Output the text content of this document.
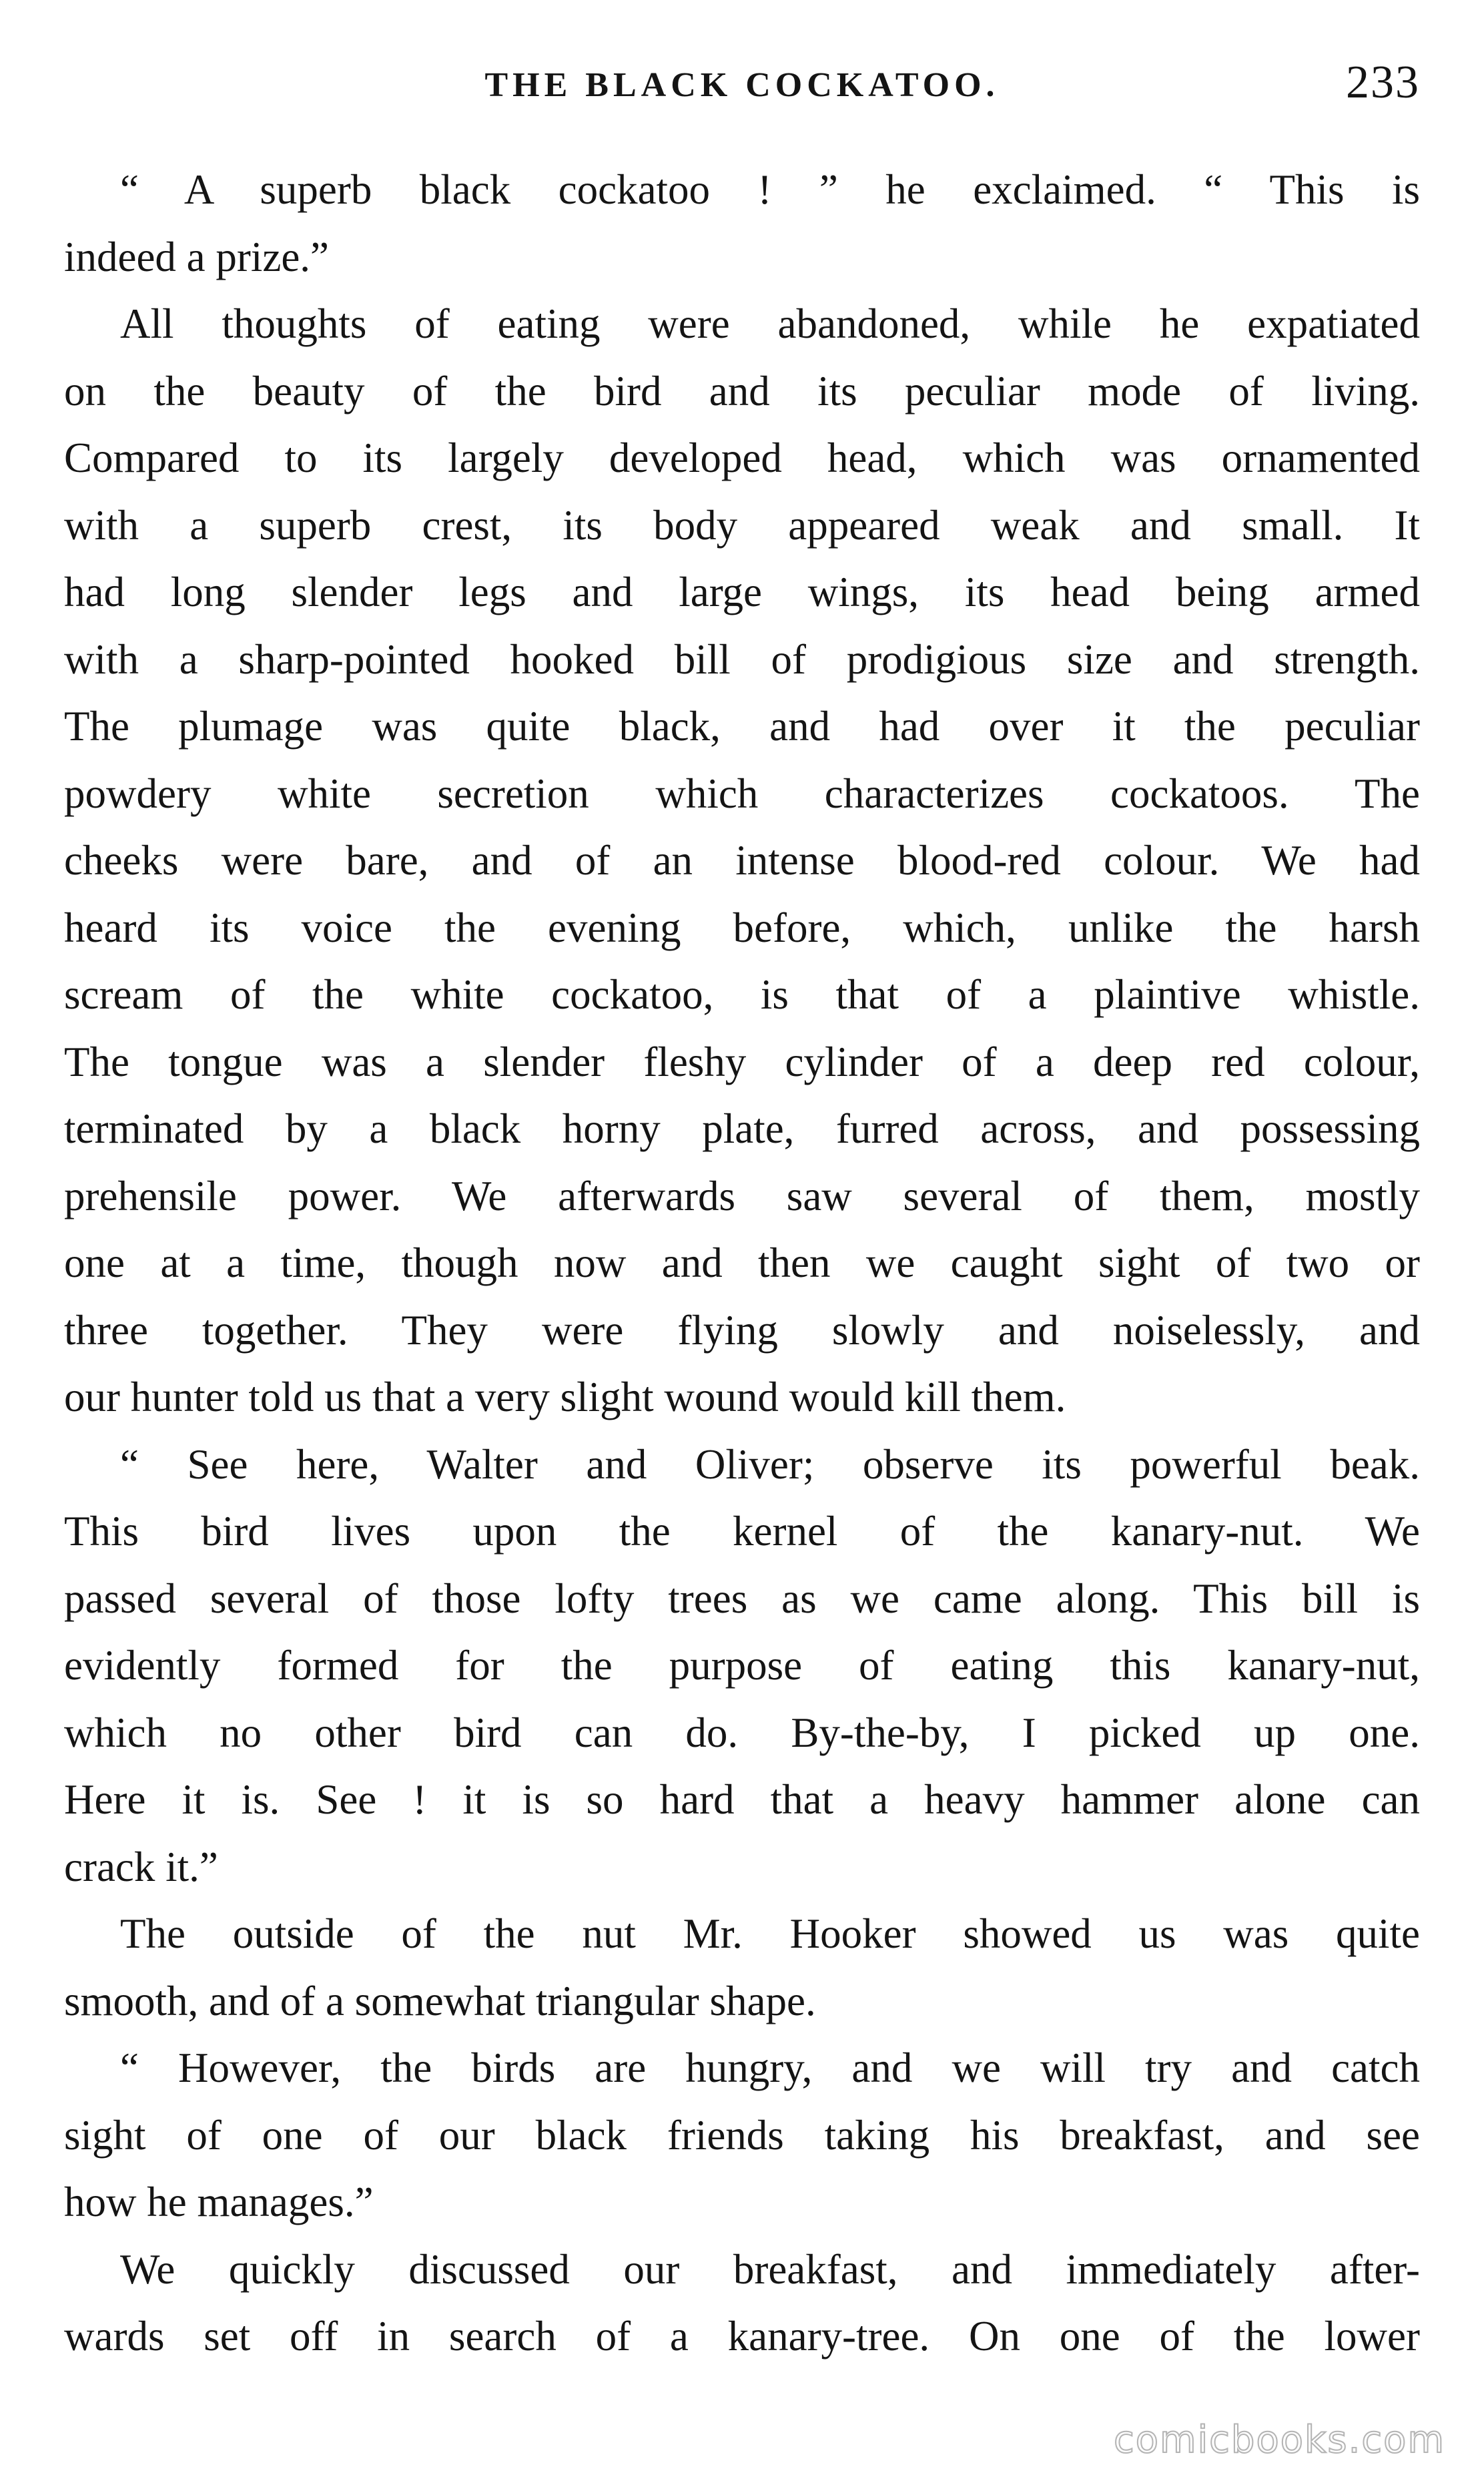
THE BLACK COCKATOO.	233
“ A superb black cockatoo ! ” he exclaimed. “ This is
indeed a prize.”
All thoughts of eating were abandoned, while he expatiated
on the beauty of the bird and its peculiar mode of living.
Compared to its largely developed head, which was ornamented
with a superb crest, its body appeared weak and small. It
had long slender legs and large wings, its head being armed
with a sharp-pointed hooked bill of prodigious size and strength.
The plumage was quite black, and had over it the peculiar
powdery white secretion which characterizes cockatoos. The
cheeks were bare, and of an intense blood-red colour. We had
heard its voice the evening before, which, unlike the harsh
scream of the white cockatoo, is that of a plaintive whistle.
The tongue was a slender fleshy cylinder of a deep red colour,
terminated by a black horny plate, furred across, and possessing
prehensile power. We afterwards saw several of them, mostly
one at a time, though now and then we caught sight of two or
three together. They were flying slowly and noiselessly, and
our hunter told us that a very slight wound would kill them.
“ See here, Walter and Oliver; observe its powerful beak.
This bird lives upon the kernel of the kanary-nut. We
passed several of those lofty trees as we came along. This bill is
evidently formed for the purpose of eating this kanary-nut,
which no other bird can do. By-the-by, I picked up one.
Here it is. See ! it is so hard that a heavy hammer alone can
crack it.”
The outside of the nut Mr. Hooker showed us was quite
smooth, and of a somewhat triangular shape.
“ However, the birds are hungry, and we will try and catch
sight of one of our black friends taking his breakfast, and see
how he manages.”
We quickly discussed our breakfast, and immediately after-
wards set off in search of a kanary-tree. On one of the lower
comicbooks.com
